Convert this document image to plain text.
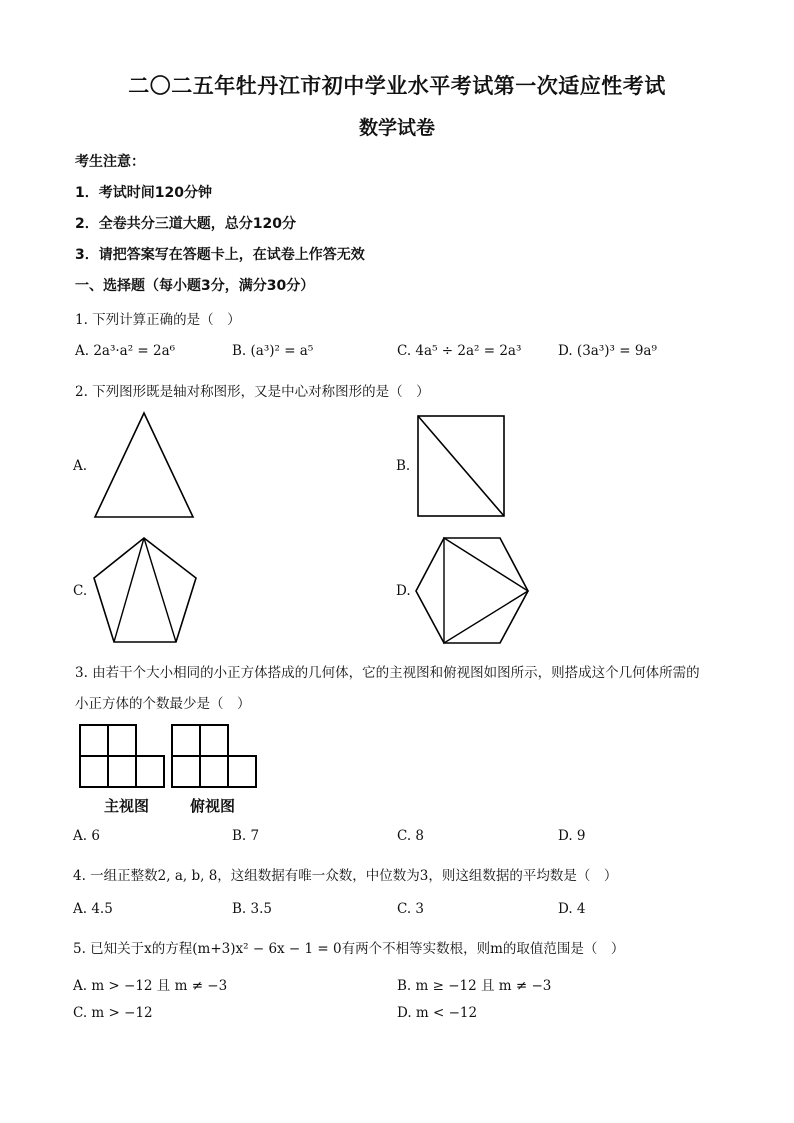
二〇二五年牡丹江市初中学业水平考试第一次适应性考试
数学试卷
考生注意：
1．考试时间120分钟
2．全卷共分三道大题，总分120分
3．请把答案写在答题卡上，在试卷上作答无效
一、选择题（每小题3分，满分30分）
1. 下列计算正确的是（　）
A. 2a³·a² = 2a⁶	B. (a³)² = a⁵	C. 4a⁵ ÷ 2a² = 2a³	D. (3a³)³ = 9a⁹
2. 下列图形既是轴对称图形，又是中心对称图形的是（　）
A.	B.
C.	D.
3. 由若干个大小相同的小正方体搭成的几何体，它的主视图和俯视图如图所示，则搭成这个几何体所需的
小正方体的个数最少是（　）
主视图	俯视图
A. 6	B. 7	C. 8	D. 9
4. 一组正整数2, a, b, 8，这组数据有唯一众数，中位数为3，则这组数据的平均数是（　）
A. 4.5	B. 3.5	C. 3	D. 4
5. 已知关于x的方程(m+3)x² − 6x − 1 = 0有两个不相等实数根，则m的取值范围是（　）
A. m > −12 且 m ≠ −3	B. m ≥ −12 且 m ≠ −3
C. m > −12	D. m < −12
